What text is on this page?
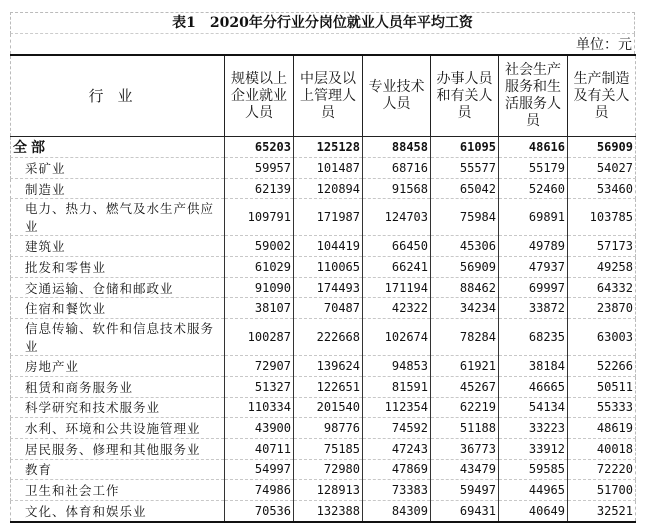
表1　2020年分行业分岗位就业人员年平均工资
单位：元
行业	规模以上企业就业人员	中层及以上管理人员	专业技术人员	办事人员和有关人员	社会生产服务和生活服务人员	生产制造及有关人员
全部	65203	125128	88458	61095	48616	56909
采矿业	59957	101487	68716	55577	55179	54027
制造业	62139	120894	91568	65042	52460	53460
电力、热力、燃气及水生产供应业	109791	171987	124703	75984	69891	103785
建筑业	59002	104419	66450	45306	49789	57173
批发和零售业	61029	110065	66241	56909	47937	49258
交通运输、仓储和邮政业	91090	174493	171194	88462	69997	64332
住宿和餐饮业	38107	70487	42322	34234	33872	23870
信息传输、软件和信息技术服务业	100287	222668	102674	78284	68235	63003
房地产业	72907	139624	94853	61921	38184	52266
租赁和商务服务业	51327	122651	81591	45267	46665	50511
科学研究和技术服务业	110334	201540	112354	62219	54134	55333
水利、环境和公共设施管理业	43900	98776	74592	51188	33223	48619
居民服务、修理和其他服务业	40711	75185	47243	36773	33912	40018
教育	54997	72980	47869	43479	59585	72220
卫生和社会工作	74986	128913	73383	59497	44965	51700
文化、体育和娱乐业	70536	132388	84309	69431	40649	32521
